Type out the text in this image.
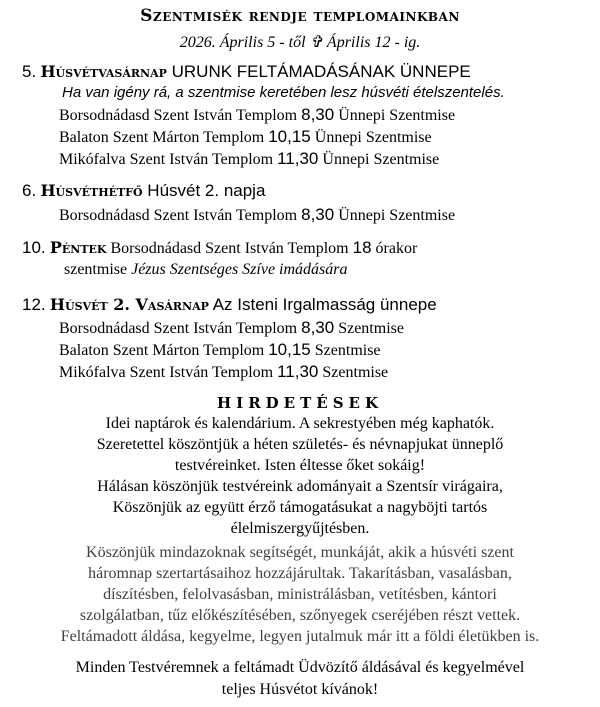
Szentmisék rendje templomainkban
2026. Április 5 - től ✞ Április 12 - ig.
5. Húsvétvasárnap URUNK FELTÁMADÁSÁNAK ÜNNEPE
Ha van igény rá, a szentmise keretében lesz húsvéti ételszentelés.
Borsodnádasd Szent István Templom 8,30 Ünnepi Szentmise
Balaton Szent Márton Templom 10,15 Ünnepi Szentmise
Mikófalva Szent István Templom 11,30 Ünnepi Szentmise
6. Húsvéthétfő Húsvét 2. napja
Borsodnádasd Szent István Templom 8,30 Ünnepi Szentmise
10. Péntek Borsodnádasd Szent István Templom 18 órakor
szentmise Jézus Szentséges Szíve imádására
12. Húsvét 2. Vasárnap Az Isteni Irgalmasság ünnepe
Borsodnádasd Szent István Templom 8,30 Szentmise
Balaton Szent Márton Templom 10,15 Szentmise
Mikófalva Szent István Templom 11,30 Szentmise
HIRDETÉSEK
Idei naptárok és kalendárium. A sekrestyében még kaphatók.
Szeretettel köszöntjük a héten születés- és névnapjukat ünneplő
testvéreinket. Isten éltesse őket sokáig!
Hálásan köszönjük testvéreink adományait a Szentsír virágaira,
Köszönjük az együtt érző támogatásukat a nagyböjti tartós
élelmiszergyűjtésben.
Köszönjük mindazoknak segítségét, munkáját, akik a húsvéti szent
háromnap szertartásaihoz hozzájárultak. Takarításban, vasalásban,
díszítésben, felolvasásban, ministrálásban, vetítésben, kántori
szolgálatban, tűz előkészítésében, szőnyegek cseréjében részt vettek.
Feltámadott áldása, kegyelme, legyen jutalmuk már itt a földi életükben is.
Minden Testvéremnek a feltámadt Üdvözítő áldásával és kegyelmével
teljes Húsvétot kívánok!
